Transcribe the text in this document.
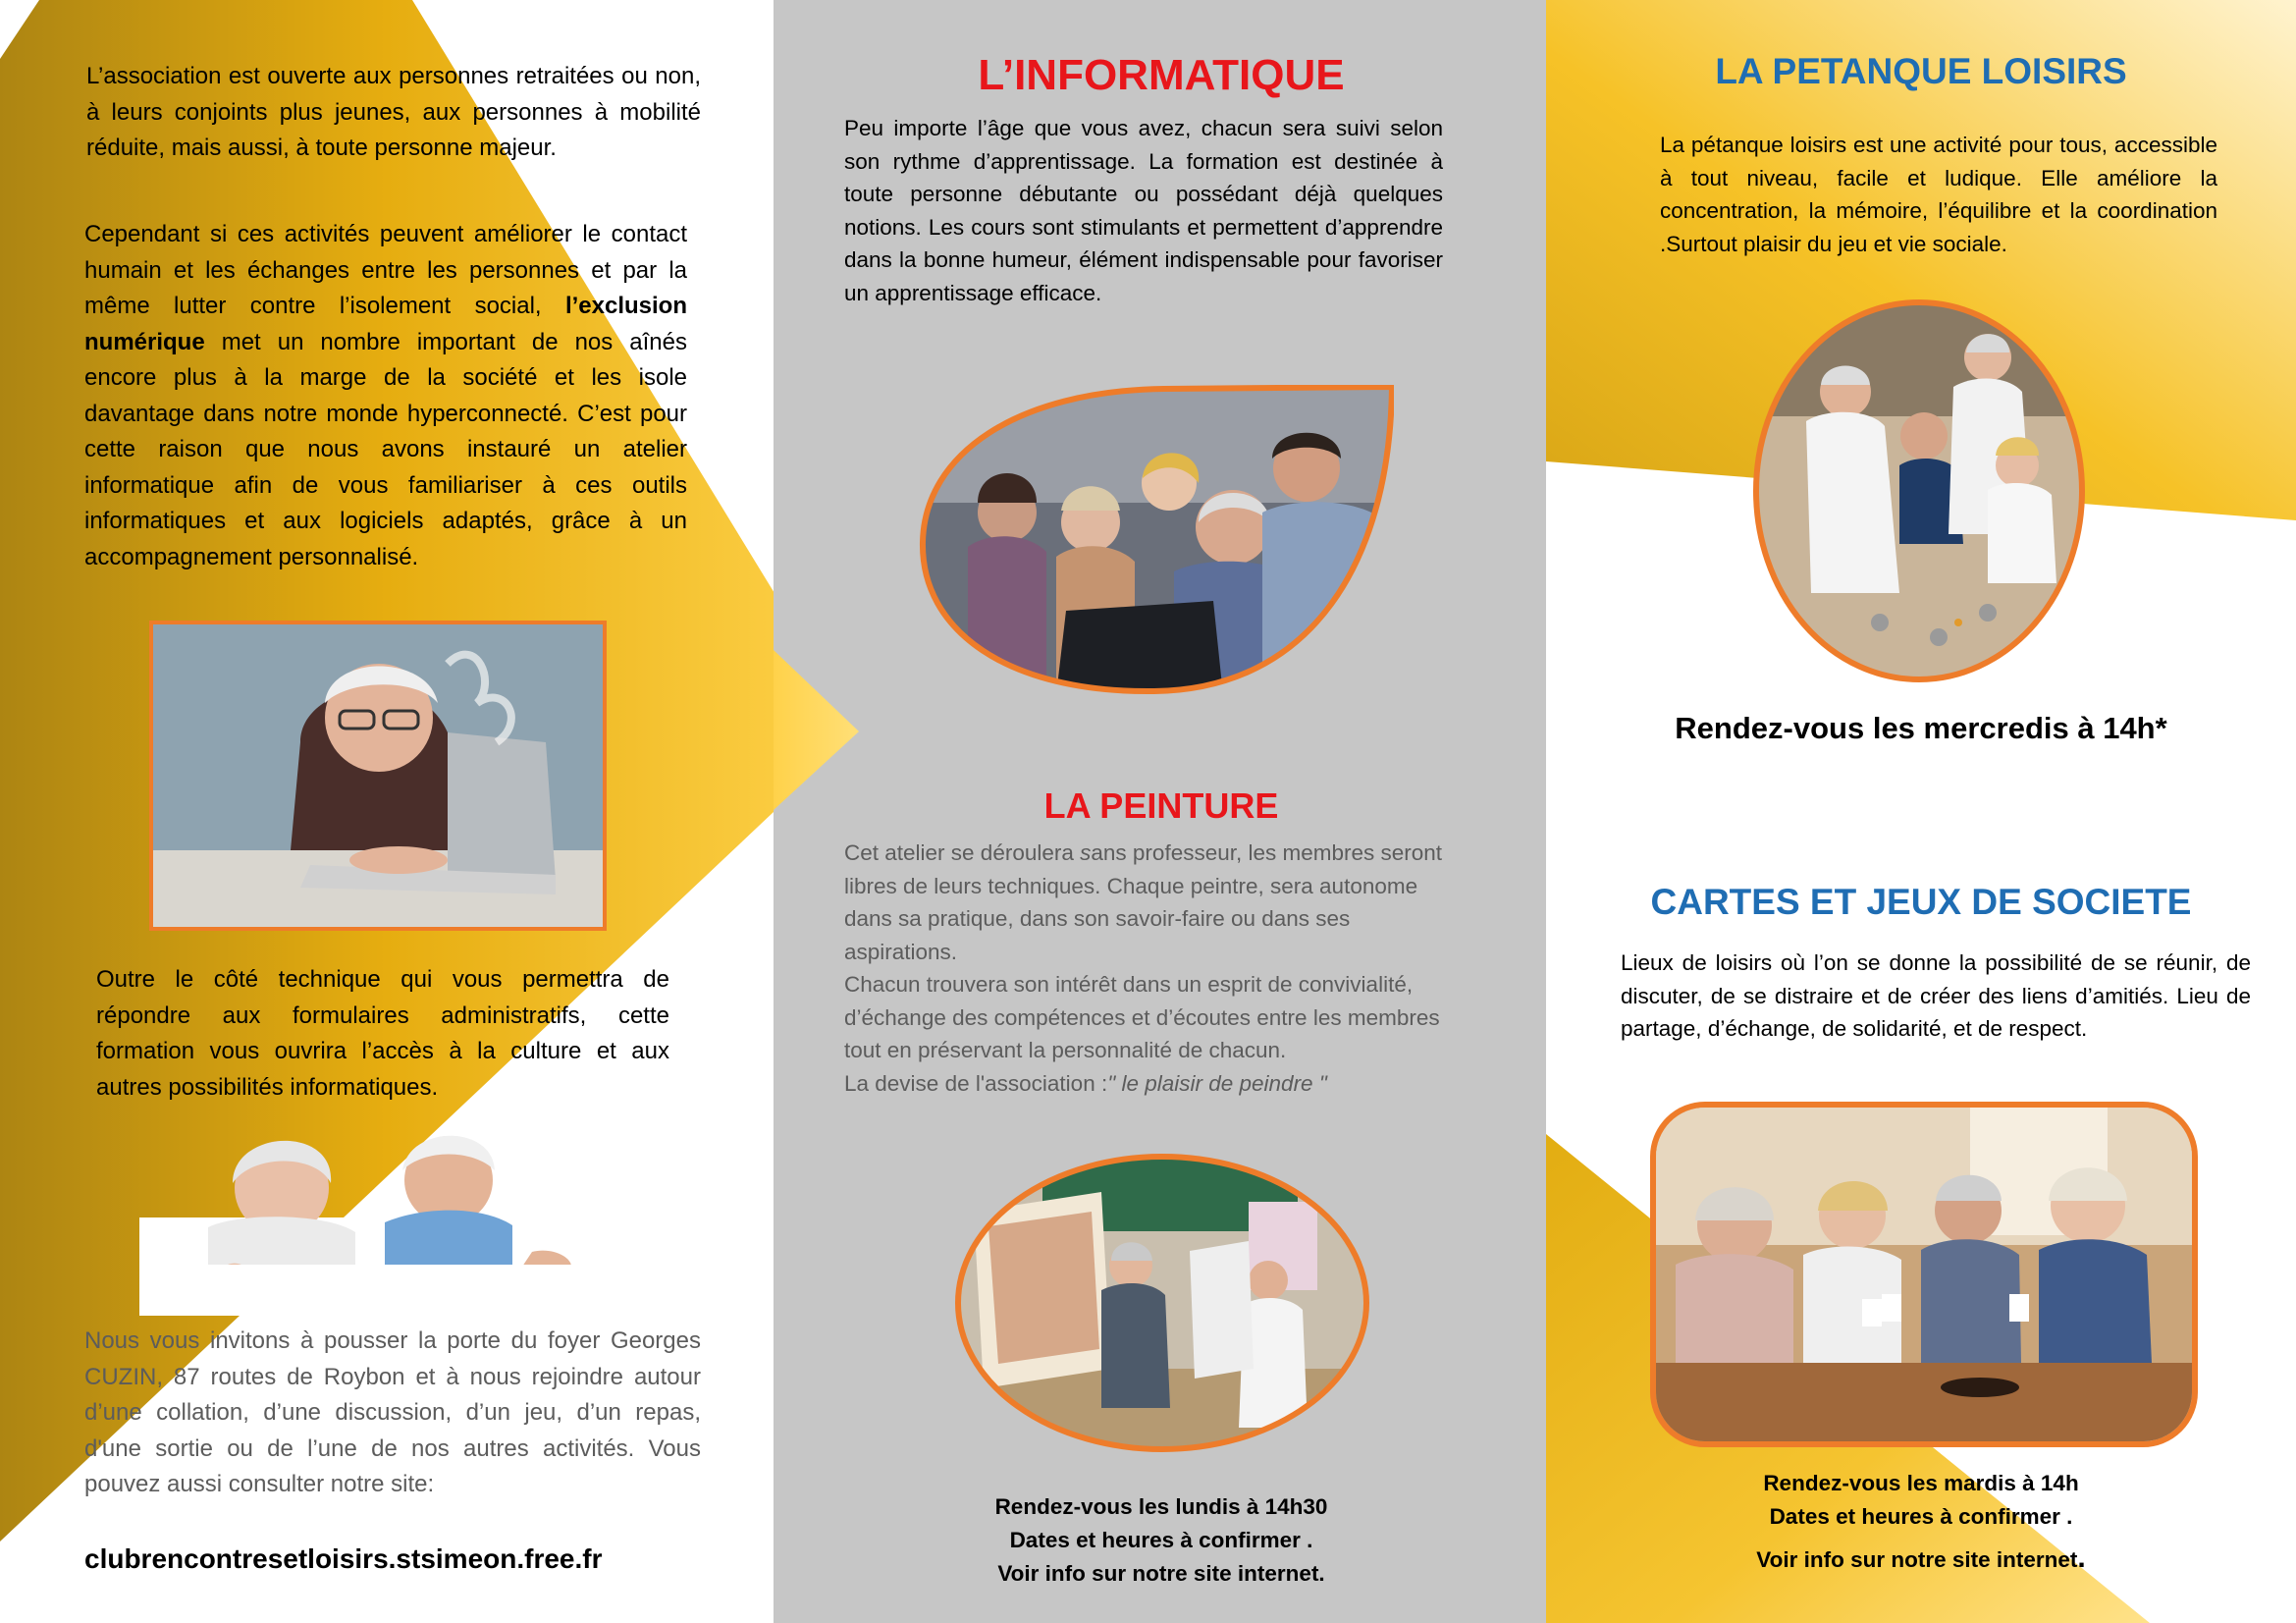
L’association est ouverte aux personnes retraitées ou non, à leurs conjoints plus jeunes, aux personnes à mobilité réduite, mais aussi, à toute personne majeur.

Cependant si ces activités peuvent améliorer le contact humain et les échanges entre les personnes et par la même lutter contre l’isolement social, l’exclusion numérique met un nombre important de nos aînés encore plus à la marge de la société et les isole davantage dans notre monde hyperconnecté. C’est pour cette raison que nous avons instauré un atelier informatique afin de vous familiariser à ces outils informatiques et aux logiciels adaptés, grâce à un accompagnement personnalisé.

Outre le côté technique qui vous permettra de répondre aux formulaires administratifs, cette formation vous ouvrira l’accès à la culture et aux autres possibilités informatiques.

Nous vous invitons à pousser la porte du foyer Georges CUZIN, 87 routes de Roybon et à nous rejoindre autour d’une collation, d’une discussion, d’un jeu, d’un repas, d'une sortie ou de l’une de nos autres activités. Vous pouvez aussi consulter notre site:

clubrencontresetloisirs.stsimeon.free.fr

L’INFORMATIQUE

Peu importe l’âge que vous avez, chacun sera suivi selon son rythme d’apprentissage. La formation est destinée à toute personne débutante ou possédant déjà quelques notions. Les cours sont stimulants et permettent d’apprendre dans la bonne humeur, élément indispensable pour favoriser un apprentissage efficace.

LA PEINTURE

Cet atelier se déroulera sans professeur, les membres seront libres de leurs techniques. Chaque peintre, sera autonome dans sa pratique, dans son savoir-faire ou dans ses aspirations.

Chacun trouvera son intérêt dans un esprit de convivialité, d’échange des compétences et d’écoutes entre les membres tout en préservant la personnalité de chacun.

La devise de l'association :" le plaisir de peindre "

Rendez-vous les lundis à 14h30

Dates et heures à confirmer .

Voir info sur notre site internet.

LA PETANQUE LOISIRS

La pétanque loisirs est une activité pour tous, accessible à tout niveau, facile et ludique. Elle améliore la concentration, la mémoire, l’équilibre et la coordination .Surtout plaisir du jeu et vie sociale.

Rendez-vous les mercredis à 14h*

CARTES ET JEUX DE SOCIETE

Lieux de loisirs où l’on se donne la possibilité de se réunir, de discuter, de se distraire et de créer des liens d’amitiés. Lieu de partage, d’échange, de solidarité, et de respect.

Rendez-vous les mardis à 14h

Dates et heures à confirmer .

Voir info sur notre site internet.
